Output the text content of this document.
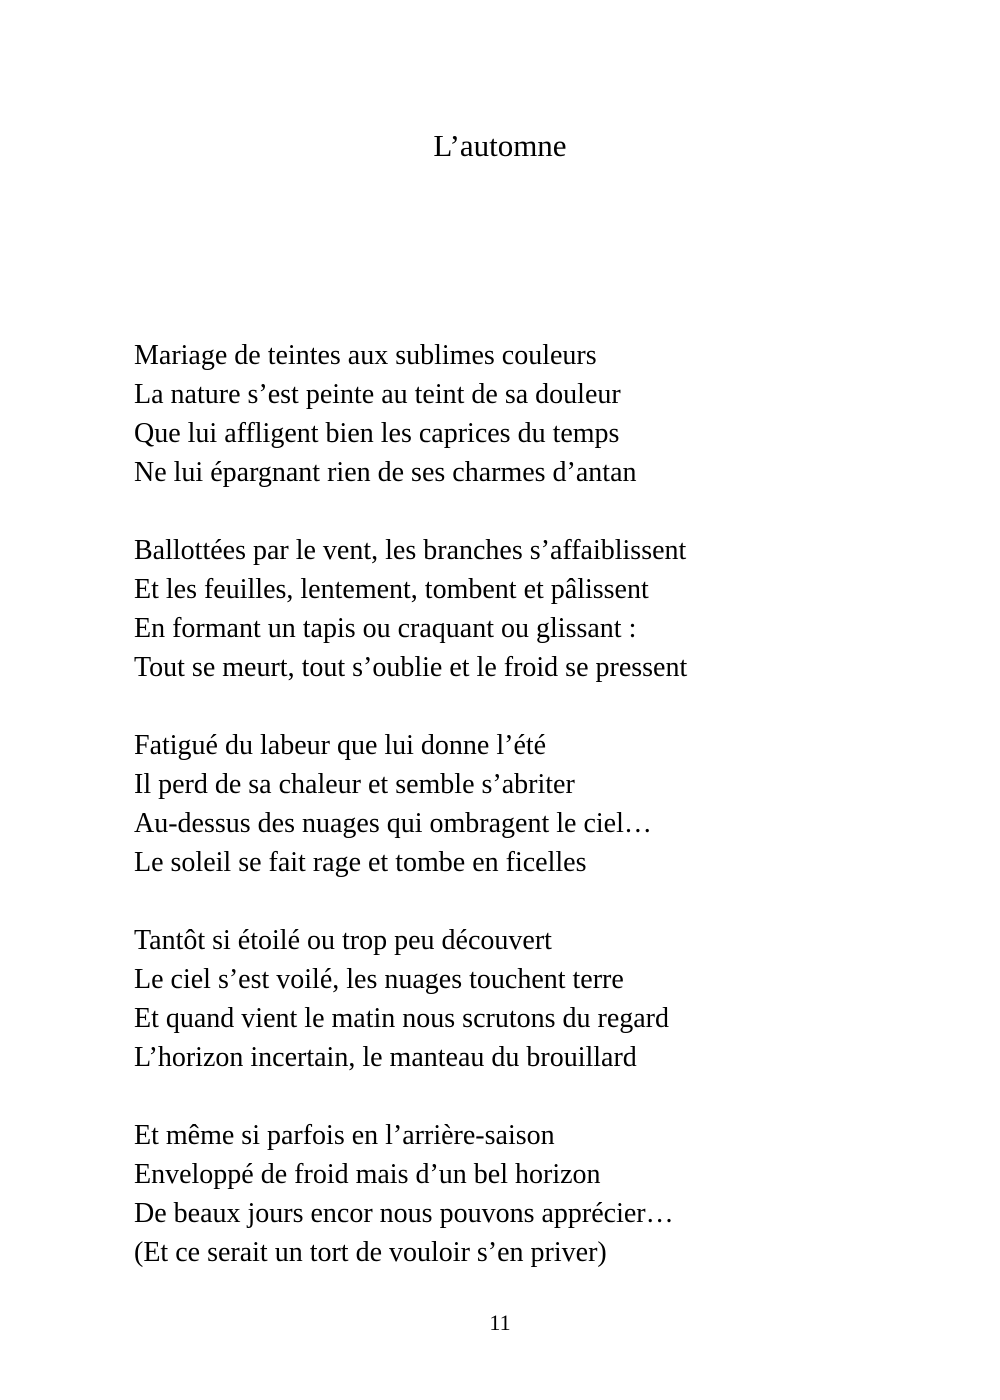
L’automne

Mariage de teintes aux sublimes couleurs

La nature s’est peinte au teint de sa douleur

Que lui affligent bien les caprices du temps

Ne lui épargnant rien de ses charmes d’antan

Ballottées par le vent, les branches s’affaiblissent

Et les feuilles, lentement, tombent et pâlissent

En formant un tapis ou craquant ou glissant :

Tout se meurt, tout s’oublie et le froid se pressent

Fatigué du labeur que lui donne l’été

Il perd de sa chaleur et semble s’abriter

Au-dessus des nuages qui ombragent le ciel…

Le soleil se fait rage et tombe en ficelles

Tantôt si étoilé ou trop peu découvert

Le ciel s’est voilé, les nuages touchent terre

Et quand vient le matin nous scrutons du regard

L’horizon incertain, le manteau du brouillard

Et même si parfois en l’arrière-saison

Enveloppé de froid mais d’un bel horizon

De beaux jours encor nous pouvons apprécier…

(Et ce serait un tort de vouloir s’en priver)

11
